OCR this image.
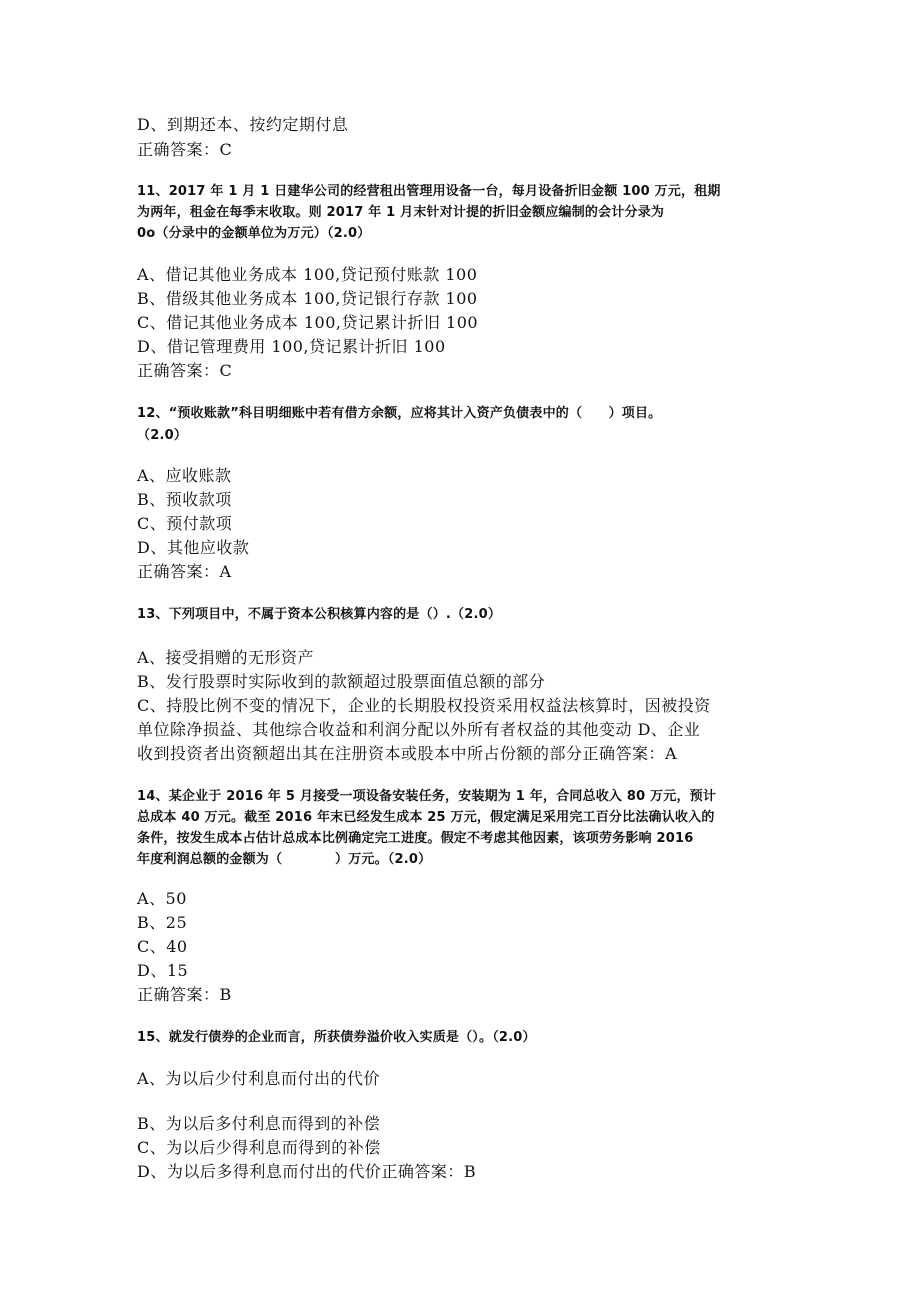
D、到期还本、按约定期付息
正确答案：C
11、2017 年 1 月 1 日建华公司的经营租出管理用设备一台，每月设备折旧金额 100 万元，租期
为两年，租金在每季末收取。则 2017 年 1 月末针对计提的折旧金额应编制的会计分录为
0o（分录中的金额单位为万元）（2.0）
A、借记其他业务成本 100,贷记预付账款 100
B、借级其他业务成本 100,贷记银行存款 100
C、借记其他业务成本 100,贷记累计折旧 100
D、借记管理费用 100,贷记累计折旧 100
正确答案：C
12、“预收账款”科目明细账中若有借方余额，应将其计入资产负债表中的（　　）项目。
（2.0）
A、应收账款
B、预收款项
C、预付款项
D、其他应收款
正确答案：A
13、下列项目中，不属于资本公积核算内容的是（）.（2.0）
A、接受捐赠的无形资产
B、发行股票时实际收到的款额超过股票面值总额的部分
C、持股比例不变的情况下，企业的长期股权投资采用权益法核算时，因被投资
单位除净损益、其他综合收益和利润分配以外所有者权益的其他变动 D、企业
收到投资者出资额超出其在注册资本或股本中所占份额的部分正确答案：A
14、某企业于 2016 年 5 月接受一项设备安装任务，安装期为 1 年，合同总收入 80 万元，预计
总成本 40 万元。截至 2016 年末已经发生成本 25 万元，假定满足采用完工百分比法确认收入的
条件，按发生成本占估计总成本比例确定完工进度。假定不考虑其他因素，该项劳务影响 2016
年度利润总额的金额为（　　　　）万元。（2.0）
A、50
B、25
C、40
D、15
正确答案：B
15、就发行债券的企业而言，所获债券溢价收入实质是（）。（2.0）
A、为以后少付利息而付出的代价
B、为以后多付利息而得到的补偿
C、为以后少得利息而得到的补偿
D、为以后多得利息而付出的代价正确答案：B
